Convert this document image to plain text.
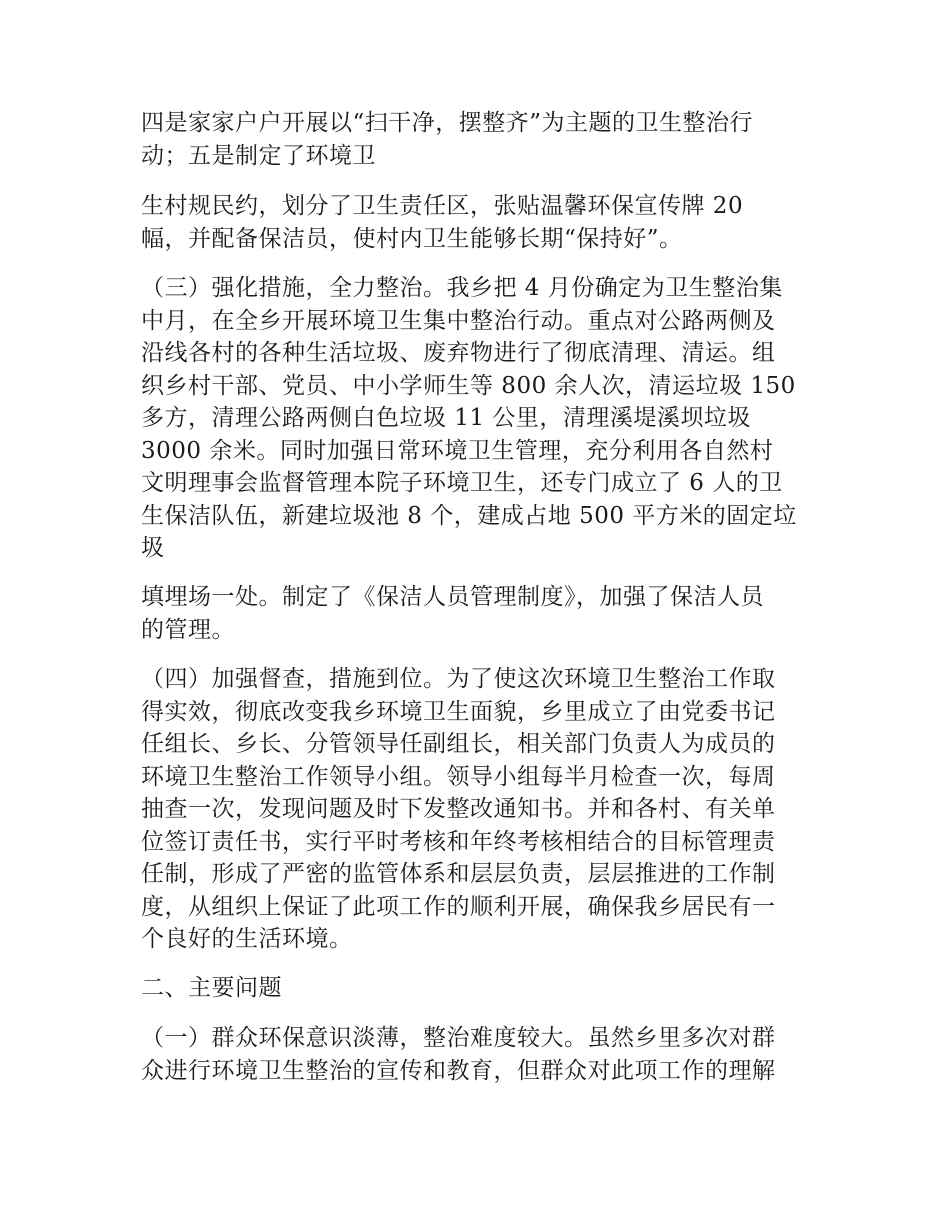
四是家家户户开展以“扫干净，摆整齐”为主题的卫生整治行
动；五是制定了环境卫
生村规民约，划分了卫生责任区，张贴温馨环保宣传牌 20
幅，并配备保洁员，使村内卫生能够长期“保持好”。
（三）强化措施，全力整治。我乡把 4 月份确定为卫生整治集
中月，在全乡开展环境卫生集中整治行动。重点对公路两侧及
沿线各村的各种生活垃圾、废弃物进行了彻底清理、清运。组
织乡村干部、党员、中小学师生等 800 余人次，清运垃圾 150
多方，清理公路两侧白色垃圾 11 公里，清理溪堤溪坝垃圾
3000 余米。同时加强日常环境卫生管理，充分利用各自然村
文明理事会监督管理本院子环境卫生，还专门成立了 6 人的卫
生保洁队伍，新建垃圾池 8 个，建成占地 500 平方米的固定垃
圾
填埋场一处。制定了《保洁人员管理制度》，加强了保洁人员
的管理。
（四）加强督查，措施到位。为了使这次环境卫生整治工作取
得实效，彻底改变我乡环境卫生面貌，乡里成立了由党委书记
任组长、乡长、分管领导任副组长，相关部门负责人为成员的
环境卫生整治工作领导小组。领导小组每半月检查一次，每周
抽查一次，发现问题及时下发整改通知书。并和各村、有关单
位签订责任书，实行平时考核和年终考核相结合的目标管理责
任制，形成了严密的监管体系和层层负责，层层推进的工作制
度，从组织上保证了此项工作的顺利开展，确保我乡居民有一
个良好的生活环境。
二、主要问题
（一）群众环保意识淡薄，整治难度较大。虽然乡里多次对群
众进行环境卫生整治的宣传和教育，但群众对此项工作的理解
